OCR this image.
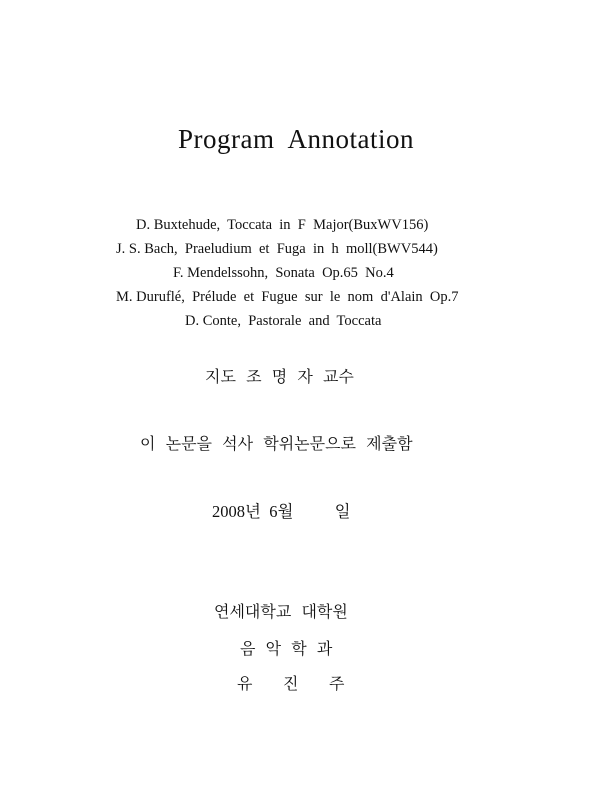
Program  Annotation
D. Buxtehude,  Toccata  in  F  Major(BuxWV156)
J. S. Bach,  Praeludium  et  Fuga  in  h  moll(BWV544)
F. Mendelssohn,  Sonata  Op.65  No.4
M. Duruflé,  Prélude  et  Fugue  sur  le  nom  d'Alain  Op.7
D. Conte,  Pastorale  and  Toccata
지도  조  명  자  교수
이  논문을  석사  학위논문으로  제출함
2008년  6월          일
연세대학교  대학원
음  악  학  과
유      진      주
